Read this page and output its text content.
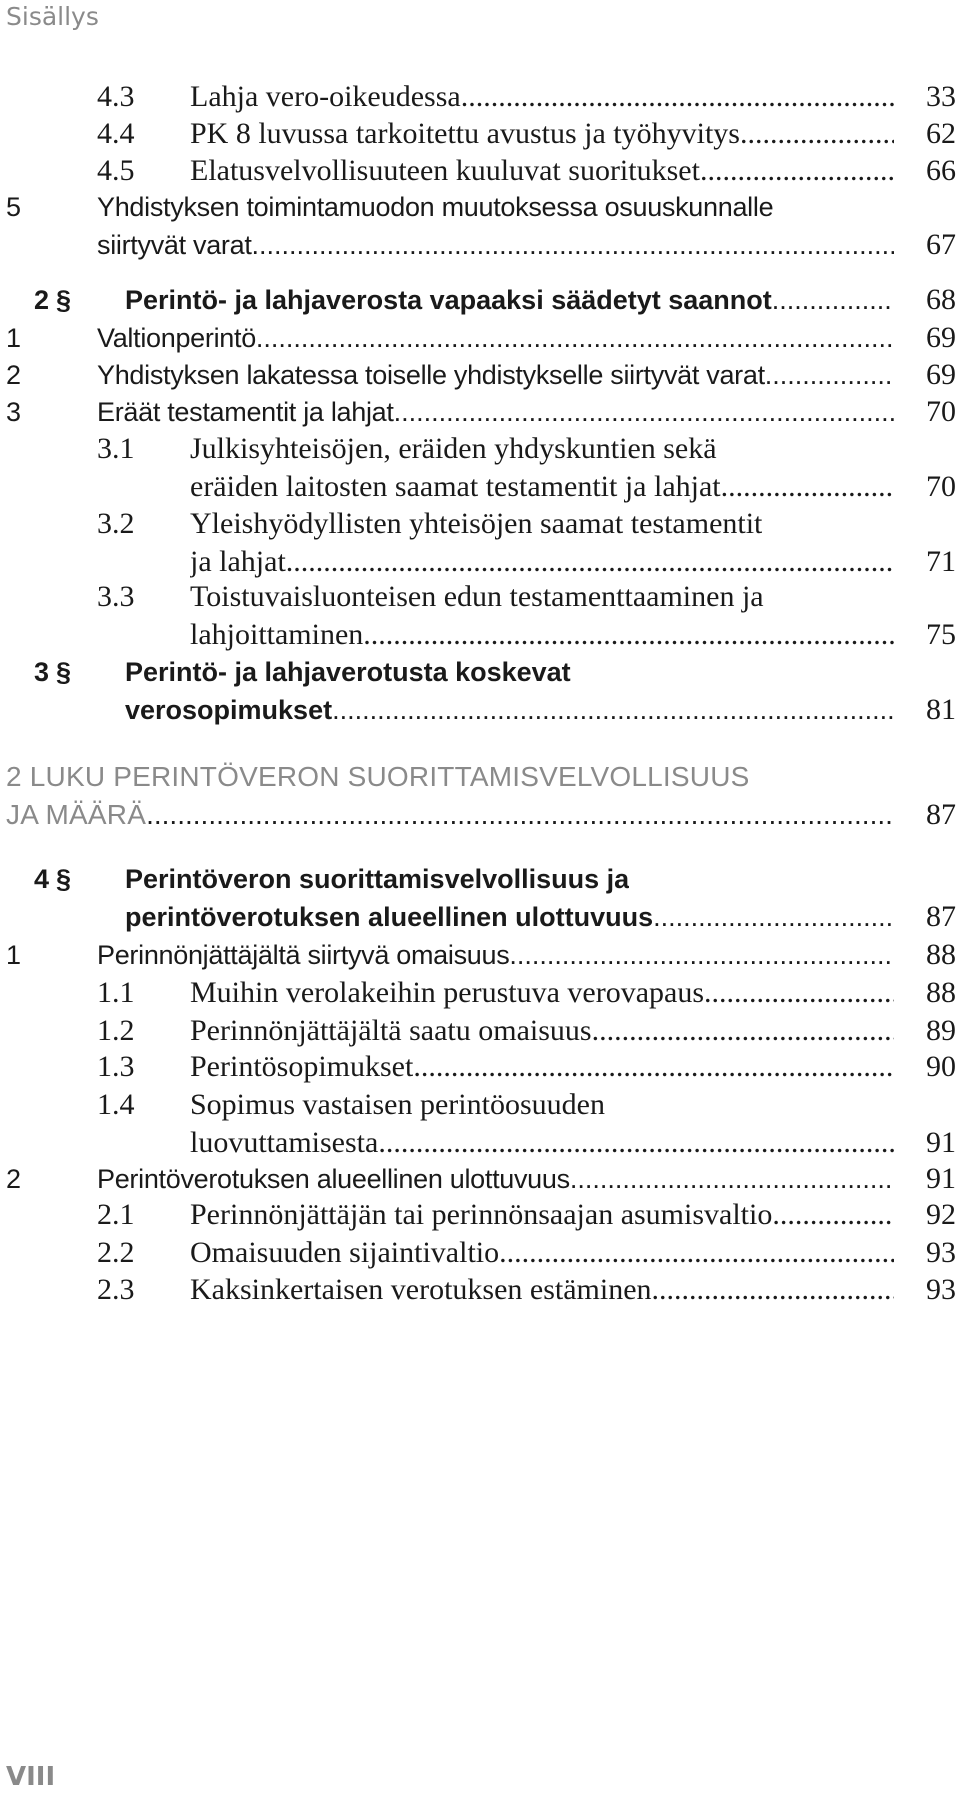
Sisällys
4.3 Lahja vero-oikeudessa .....	33
4.4 PK 8 luvussa tarkoitettu avustus ja työhyvitys .....	62
4.5 Elatusvelvollisuuteen kuuluvat suoritukset .....	66
5	Yhdistyksen toimintamuodon muutoksessa osuuskunnalle
siirtyvät varat .....	67
2 § Perintö- ja lahjaverosta vapaaksi säädetyt saannot .....	68
1	Valtionperintö .....	69
2	Yhdistyksen lakatessa toiselle yhdistykselle siirtyvät varat .....	69
3	Eräät testamentit ja lahjat .....	70
3.1 Julkisyhteisöjen, eräiden yhdyskuntien sekä
eräiden laitosten saamat testamentit ja lahjat .....	70
3.2 Yleishyödyllisten yhteisöjen saamat testamentit
ja lahjat .....	71
3.3 Toistuvaisluonteisen edun testamenttaaminen ja
lahjoittaminen .....	75
3 § Perintö- ja lahjaverotusta koskevat
verosopimukset .....	81
2 LUKU PERINTÖVERON SUORITTAMISVELVOLLISUUS
JA MÄÄRÄ .....	87
4 § Perintöveron suorittamisvelvollisuus ja
perintöverotuksen alueellinen ulottuvuus .....	87
1	Perinnönjättäjältä siirtyvä omaisuus .....	88
1.1 Muihin verolakeihin perustuva verovapaus .....	88
1.2 Perinnönjättäjältä saatu omaisuus .....	89
1.3 Perintösopimukset .....	90
1.4 Sopimus vastaisen perintöosuuden
luovuttamisesta .....	91
2	Perintöverotuksen alueellinen ulottuvuus .....	91
2.1 Perinnönjättäjän tai perinnönsaajan asumisvaltio .....	92
2.2 Omaisuuden sijaintivaltio .....	93
2.3 Kaksinkertaisen verotuksen estäminen .....	93
VIII
